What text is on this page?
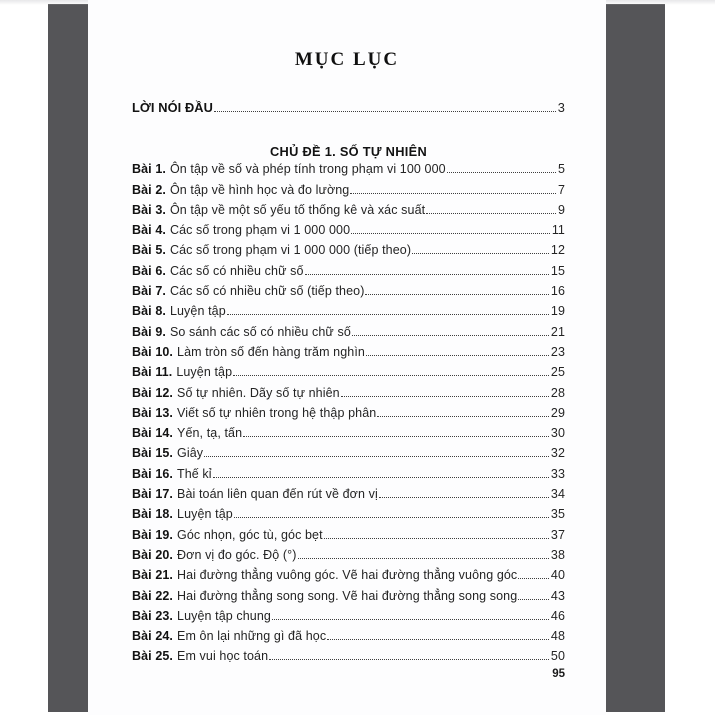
MỤC LỤC
LỜI NÓI ĐẦU	3
CHỦ ĐỀ 1. SỐ TỰ NHIÊN
Bài 1. Ôn tập về số và phép tính trong phạm vi 100 000	5
Bài 2. Ôn tập về hình học và đo lường	7
Bài 3. Ôn tập về một số yếu tố thống kê và xác suất	9
Bài 4. Các số trong phạm vi 1 000 000	11
Bài 5. Các số trong phạm vi 1 000 000 (tiếp theo)	12
Bài 6. Các số có nhiều chữ số	15
Bài 7. Các số có nhiều chữ số (tiếp theo)	16
Bài 8. Luyện tập	19
Bài 9. So sánh các số có nhiều chữ số	21
Bài 10. Làm tròn số đến hàng trăm nghìn	23
Bài 11. Luyện tập	25
Bài 12. Số tự nhiên. Dãy số tự nhiên	28
Bài 13. Viết số tự nhiên trong hệ thập phân	29
Bài 14. Yến, tạ, tấn	30
Bài 15. Giây	32
Bài 16. Thế kỉ	33
Bài 17. Bài toán liên quan đến rút về đơn vị	34
Bài 18. Luyện tập	35
Bài 19. Góc nhọn, góc tù, góc bẹt	37
Bài 20. Đơn vị đo góc. Độ (°)	38
Bài 21. Hai đường thẳng vuông góc. Vẽ hai đường thẳng vuông góc	40
Bài 22. Hai đường thẳng song song. Vẽ hai đường thẳng song song	43
Bài 23. Luyện tập chung	46
Bài 24. Em ôn lại những gì đã học	48
Bài 25. Em vui học toán	50
95
